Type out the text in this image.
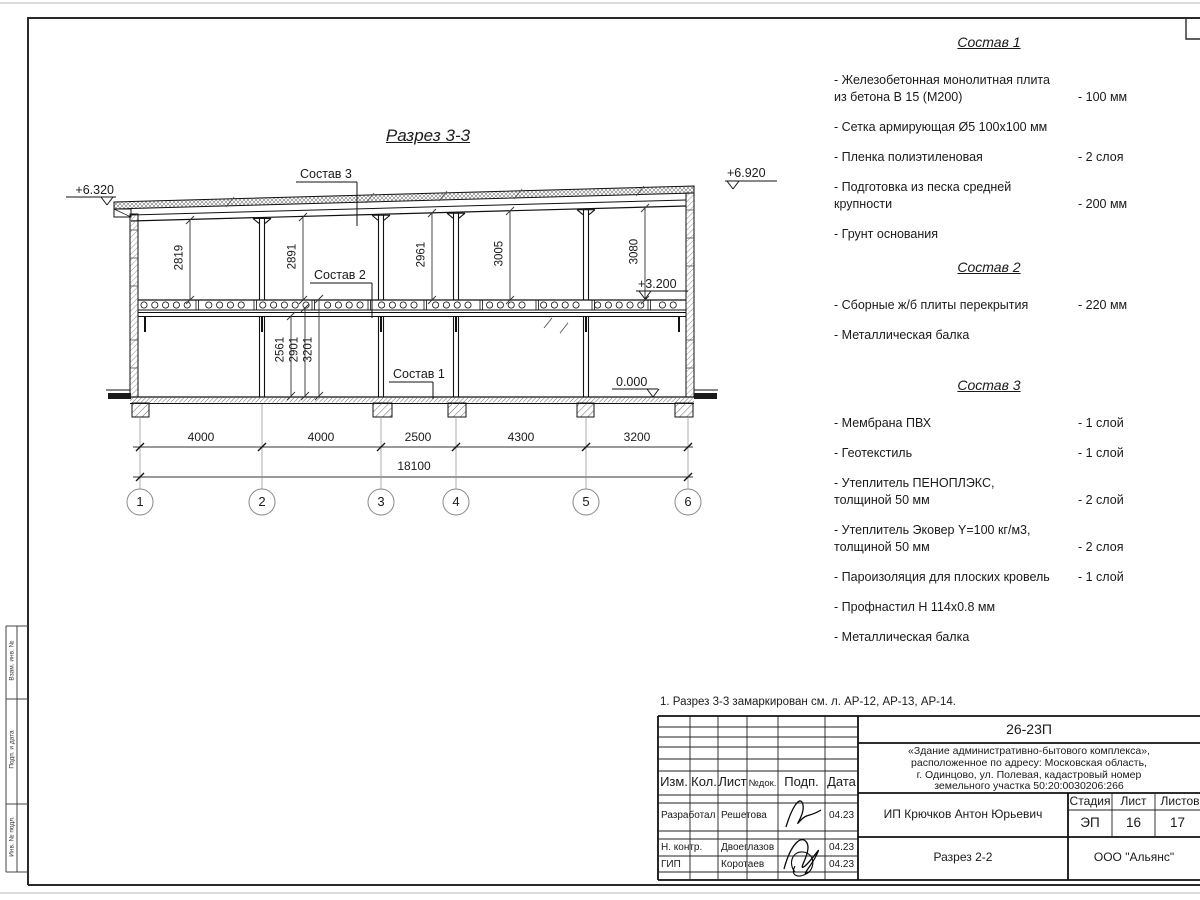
Разрез 3-3
+6.320
+6.920
+3.200
0.000
Состав 3
Состав 2
Состав 1
1. Разрез 3-3 замаркирован см. л. АР-12, АР-13, АР-14.
Состав 1
- Железобетонная монолитная плита
из бетона В 15 (М200)	- 100 мм
- Сетка армирующая Ø5 100х100 мм
- Пленка полиэтиленовая	- 2 слоя
- Подготовка из песка средней
крупности	- 200 мм
- Грунт основания
Состав 2
- Сборные ж/б плиты перекрытия	- 220 мм
- Металлическая балка
Состав 3
- Мембрана ПВХ	- 1 слой
- Геотекстиль	- 1 слой
- Утеплитель ПЕНОПЛЭКС,
толщиной 50 мм	- 2 слой
- Утеплитель Эковер Y=100 кг/м3,
толщиной 50 мм	- 2 слоя
- Пароизоляция для плоских кровель	- 1 слой
- Профнастил Н 114х0.8 мм
- Металлическая балка
26-23П
«Здание административно-бытового комплекса»,
расположенное по адресу: Московская область,
г. Одинцово, ул. Полевая, кадастровый номер
земельного участка 50:20:0030206:266
ИП Крючков Антон Юрьевич
Разрез 2-2	ООО "Альянс"
Стадия Лист	Листов
ЭП	16	17
Изм. Кол. Лист №док. Подп. Дата
Разработал Решетова	04.23
Н. контр.	Двоеглазов	04.23
ГИП	Коротаев	04.23
Взам. инв. №
Подп. и дата
Инв. № подл.
4000	4000	2500	4300	3200
18100
1	2	3	4	5	6
2819	2891	2961	3005	3080
2561 2901 3201
